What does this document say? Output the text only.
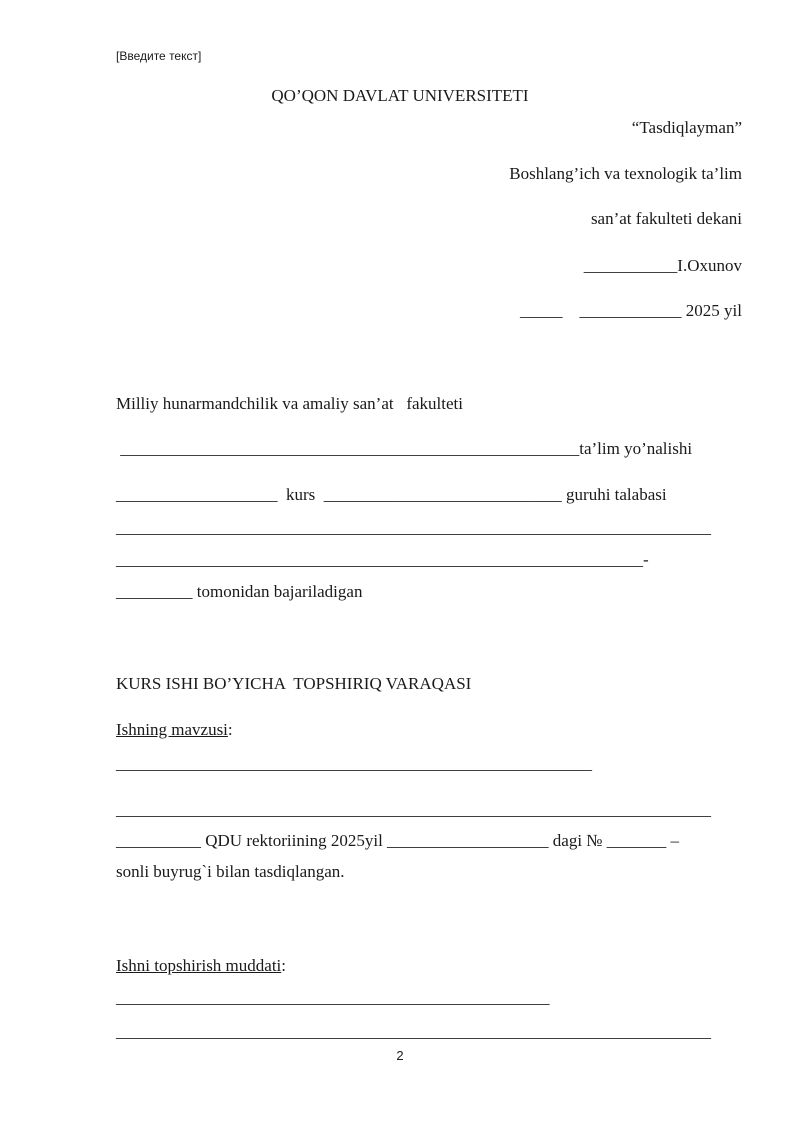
[Введите текст]
QO’QON DAVLAT UNIVERSITETI
“Tasdiqlayman”
Boshlang’ich va texnologik ta’lim
san’at fakulteti dekani
___________I.Oxunov
_____    ____________ 2025 yil
Milliy hunarmandchilik va amaliy san’at   fakulteti
______________________________________________________ta’lim yo’nalishi
___________________  kurs  ____________________________ guruhi talabasi
______________________________________________________________________
______________________________________________________________-
_________ tomonidan bajariladigan
KURS ISHI BO’YICHA  TOPSHIRIQ VARAQASI
Ishning mavzusi:
________________________________________________________
______________________________________________________________________
__________ QDU rektoriining 2025yil ___________________ dagi № _______ –
sonli buyrug`i bilan tasdiqlangan.
Ishni topshirish muddati:
___________________________________________________
______________________________________________________________________
2
